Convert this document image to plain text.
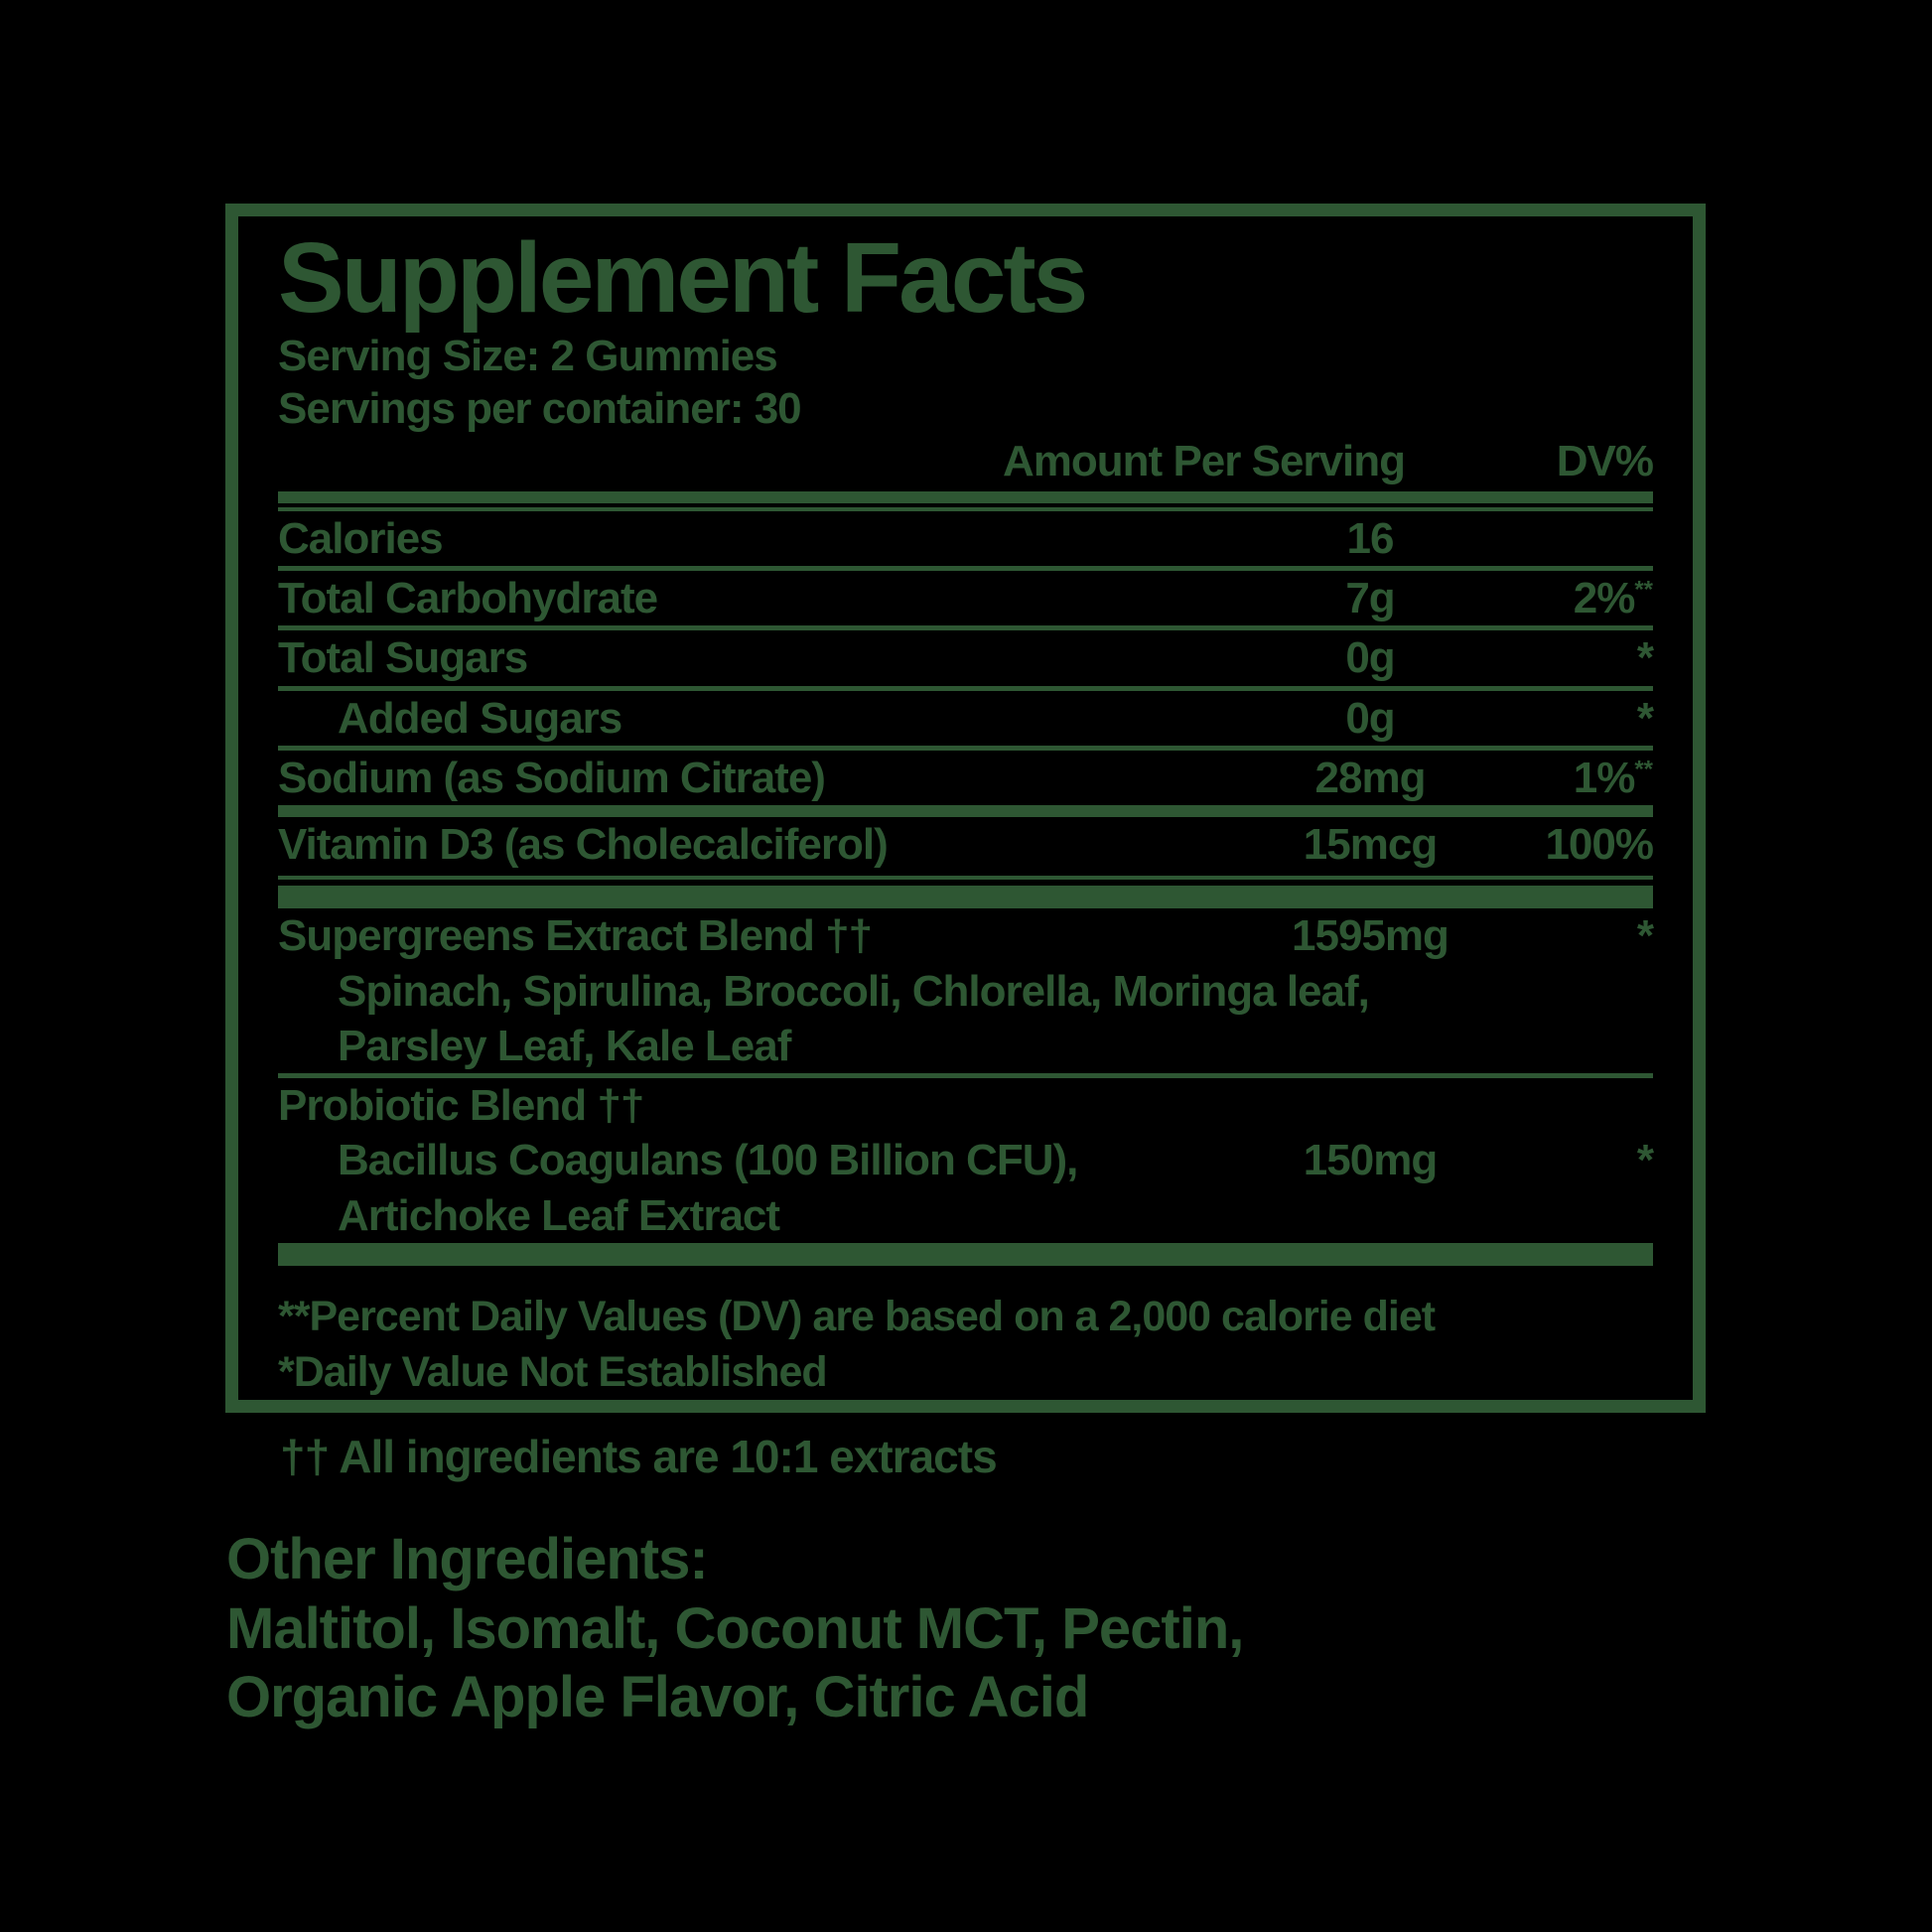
Supplement Facts
Serving Size: 2 Gummies
Servings per container: 30
Amount Per Serving	DV%
Calories	16
Total Carbohydrate	7g	2%**
Total Sugars	0g	*
Added Sugars	0g	*
Sodium (as Sodium Citrate)	28mg	1%**
Vitamin D3 (as Cholecalciferol)	15mcg	100%
Supergreens Extract Blend ††	1595mg	*
Spinach, Spirulina, Broccoli, Chlorella, Moringa leaf,
Parsley Leaf, Kale Leaf
Probiotic Blend ††
Bacillus Coagulans (100 Billion CFU),	150mg	*
Artichoke Leaf Extract
**Percent Daily Values (DV) are based on a 2,000 calorie diet
*Daily Value Not Established
†† All ingredients are 10:1 extracts
Other Ingredients:
Maltitol, Isomalt, Coconut MCT, Pectin,
Organic Apple Flavor, Citric Acid
